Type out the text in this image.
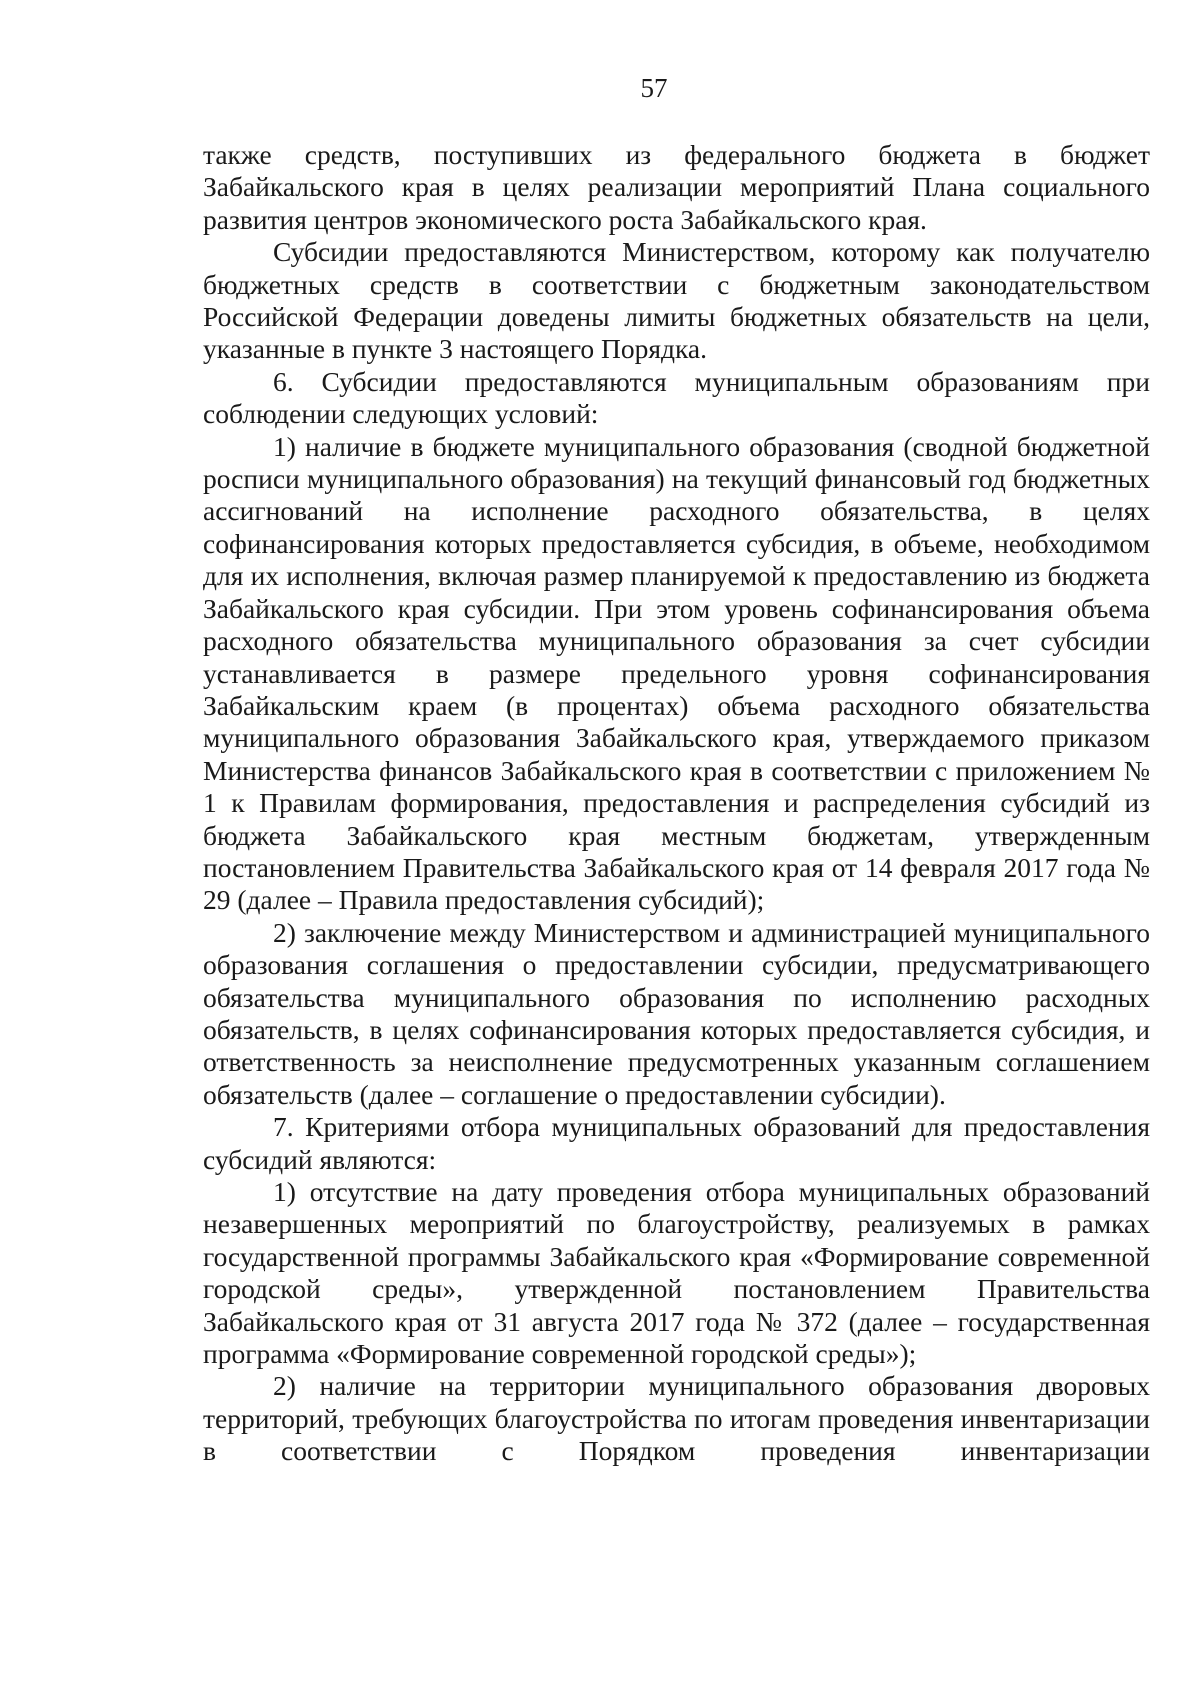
57

также средств, поступивших из федерального бюджета в бюджет Забайкальского края в целях реализации мероприятий Плана социального развития центров экономического роста Забайкальского края.

Субсидии предоставляются Министерством, которому как получателю бюджетных средств в соответствии с бюджетным законодательством Российской Федерации доведены лимиты бюджетных обязательств на цели, указанные в пункте 3 настоящего Порядка.

6. Субсидии предоставляются муниципальным образованиям при соблюдении следующих условий:

1) наличие в бюджете муниципального образования (сводной бюджетной росписи муниципального образования) на текущий финансовый год бюджетных ассигнований на исполнение расходного обязательства, в целях софинансирования которых предоставляется субсидия, в объеме, необходимом для их исполнения, включая размер планируемой к предоставлению из бюджета Забайкальского края субсидии. При этом уровень софинансирования объема расходного обязательства муниципального образования за счет субсидии устанавливается в размере предельного уровня софинансирования Забайкальским краем (в процентах) объема расходного обязательства муниципального образования Забайкальского края, утверждаемого приказом Министерства финансов Забайкальского края в соответствии с приложением № 1 к Правилам формирования, предоставления и распределения субсидий из бюджета Забайкальского края местным бюджетам, утвержденным постановлением Правительства Забайкальского края от 14 февраля 2017 года № 29 (далее – Правила предоставления субсидий);

2) заключение между Министерством и администрацией муниципального образования соглашения о предоставлении субсидии, предусматривающего обязательства муниципального образования по исполнению расходных обязательств, в целях софинансирования которых предоставляется субсидия, и ответственность за неисполнение предусмотренных указанным соглашением обязательств (далее – соглашение о предоставлении субсидии).

7. Критериями отбора муниципальных образований для предоставления субсидий являются:

1) отсутствие на дату проведения отбора муниципальных образований незавершенных мероприятий по благоустройству, реализуемых в рамках государственной программы Забайкальского края «Формирование современной городской среды», утвержденной постановлением Правительства Забайкальского края от 31 августа 2017 года № 372 (далее – государственная программа «Формирование современной городской среды»);

2) наличие на территории муниципального образования дворовых территорий, требующих благоустройства по итогам проведения инвентаризации в соответствии с Порядком проведения инвентаризации
